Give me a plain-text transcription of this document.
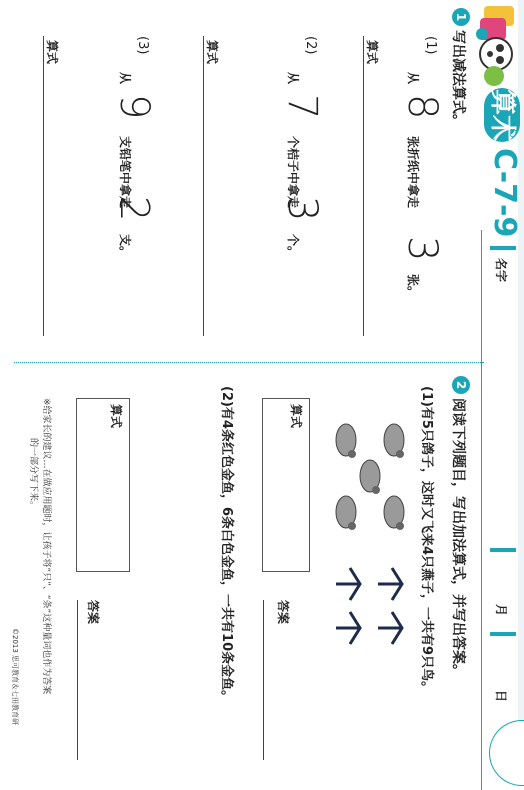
算术
C-7-9
名字
月
日
1
写出减法算式。
(1)
从
8
张折纸中拿走
3
张。
算式
(2)
从
7
个桔子中拿走
3
个。
算式
(3)
从
9
支铅笔中拿走
2
支。
算式
2
阅读下列题目，写出加法算式，并写出答案。
(1)有5只鸽子，这时又飞来4只燕子，一共有9只鸟。
算式
答案
(2)有4条红色金鱼，6条白色金鱼，一共有10条金鱼。
算式
答案
※给家长的建议…在做应用题时，让孩子将“只”、“条”这种量词也作为答案
的一部分写下来。
©2013 思可教育＆七田教育研
